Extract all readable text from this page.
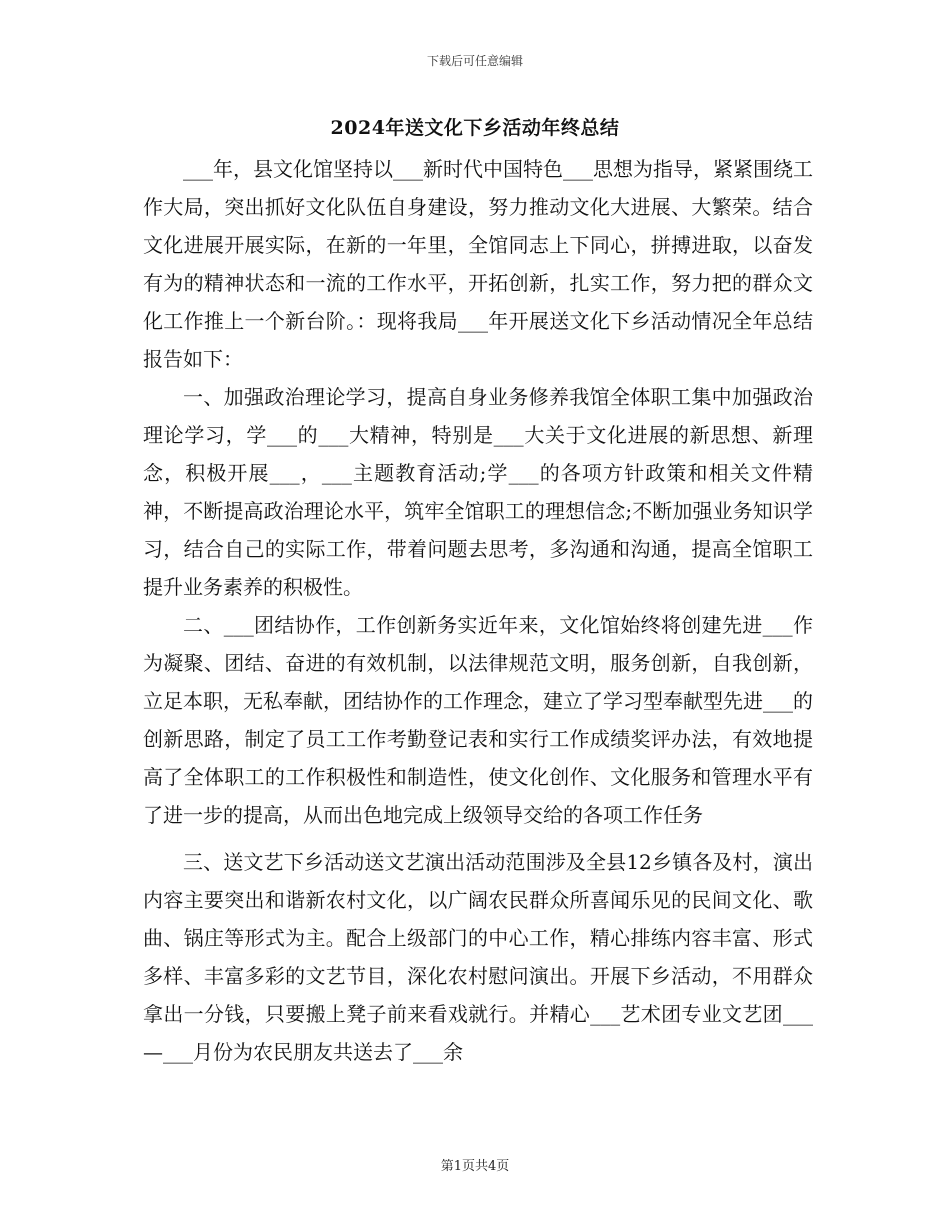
下载后可任意编辑
2024年送文化下乡活动年终总结

___年，县文化馆坚持以___新时代中国特色___思想为指导，紧紧围绕工作大局，突出抓好文化队伍自身建设，努力推动文化大进展、大繁荣。结合文化进展开展实际，在新的一年里，全馆同志上下同心，拼搏进取，以奋发有为的精神状态和一流的工作水平，开拓创新，扎实工作，努力把的群众文化工作推上一个新台阶。：现将我局___年开展送文化下乡活动情况全年总结报告如下：

一、加强政治理论学习，提高自身业务修养我馆全体职工集中加强政治理论学习，学___的___大精神，特别是___大关于文化进展的新思想、新理念，积极开展___，___主题教育活动;学___的各项方针政策和相关文件精神，不断提高政治理论水平，筑牢全馆职工的理想信念;不断加强业务知识学习，结合自己的实际工作，带着问题去思考，多沟通和沟通，提高全馆职工提升业务素养的积极性。

二、___团结协作，工作创新务实近年来，文化馆始终将创建先进___作为凝聚、团结、奋进的有效机制，以法律规范文明，服务创新，自我创新，立足本职，无私奉献，团结协作的工作理念，建立了学习型奉献型先进___的创新思路，制定了员工工作考勤登记表和实行工作成绩奖评办法，有效地提高了全体职工的工作积极性和制造性，使文化创作、文化服务和管理水平有了进一步的提高，从而出色地完成上级领导交给的各项工作任务

三、送文艺下乡活动送文艺演出活动范围涉及全县12乡镇各及村，演出内容主要突出和谐新农村文化，以广阔农民群众所喜闻乐见的民间文化、歌曲、锅庄等形式为主。配合上级部门的中心工作，精心排练内容丰富、形式多样、丰富多彩的文艺节目，深化农村慰问演出。开展下乡活动，不用群众拿出一分钱，只要搬上凳子前来看戏就行。并精心___艺术团专业文艺团___—___月份为农民朋友共送去了___余

第1页共4页
